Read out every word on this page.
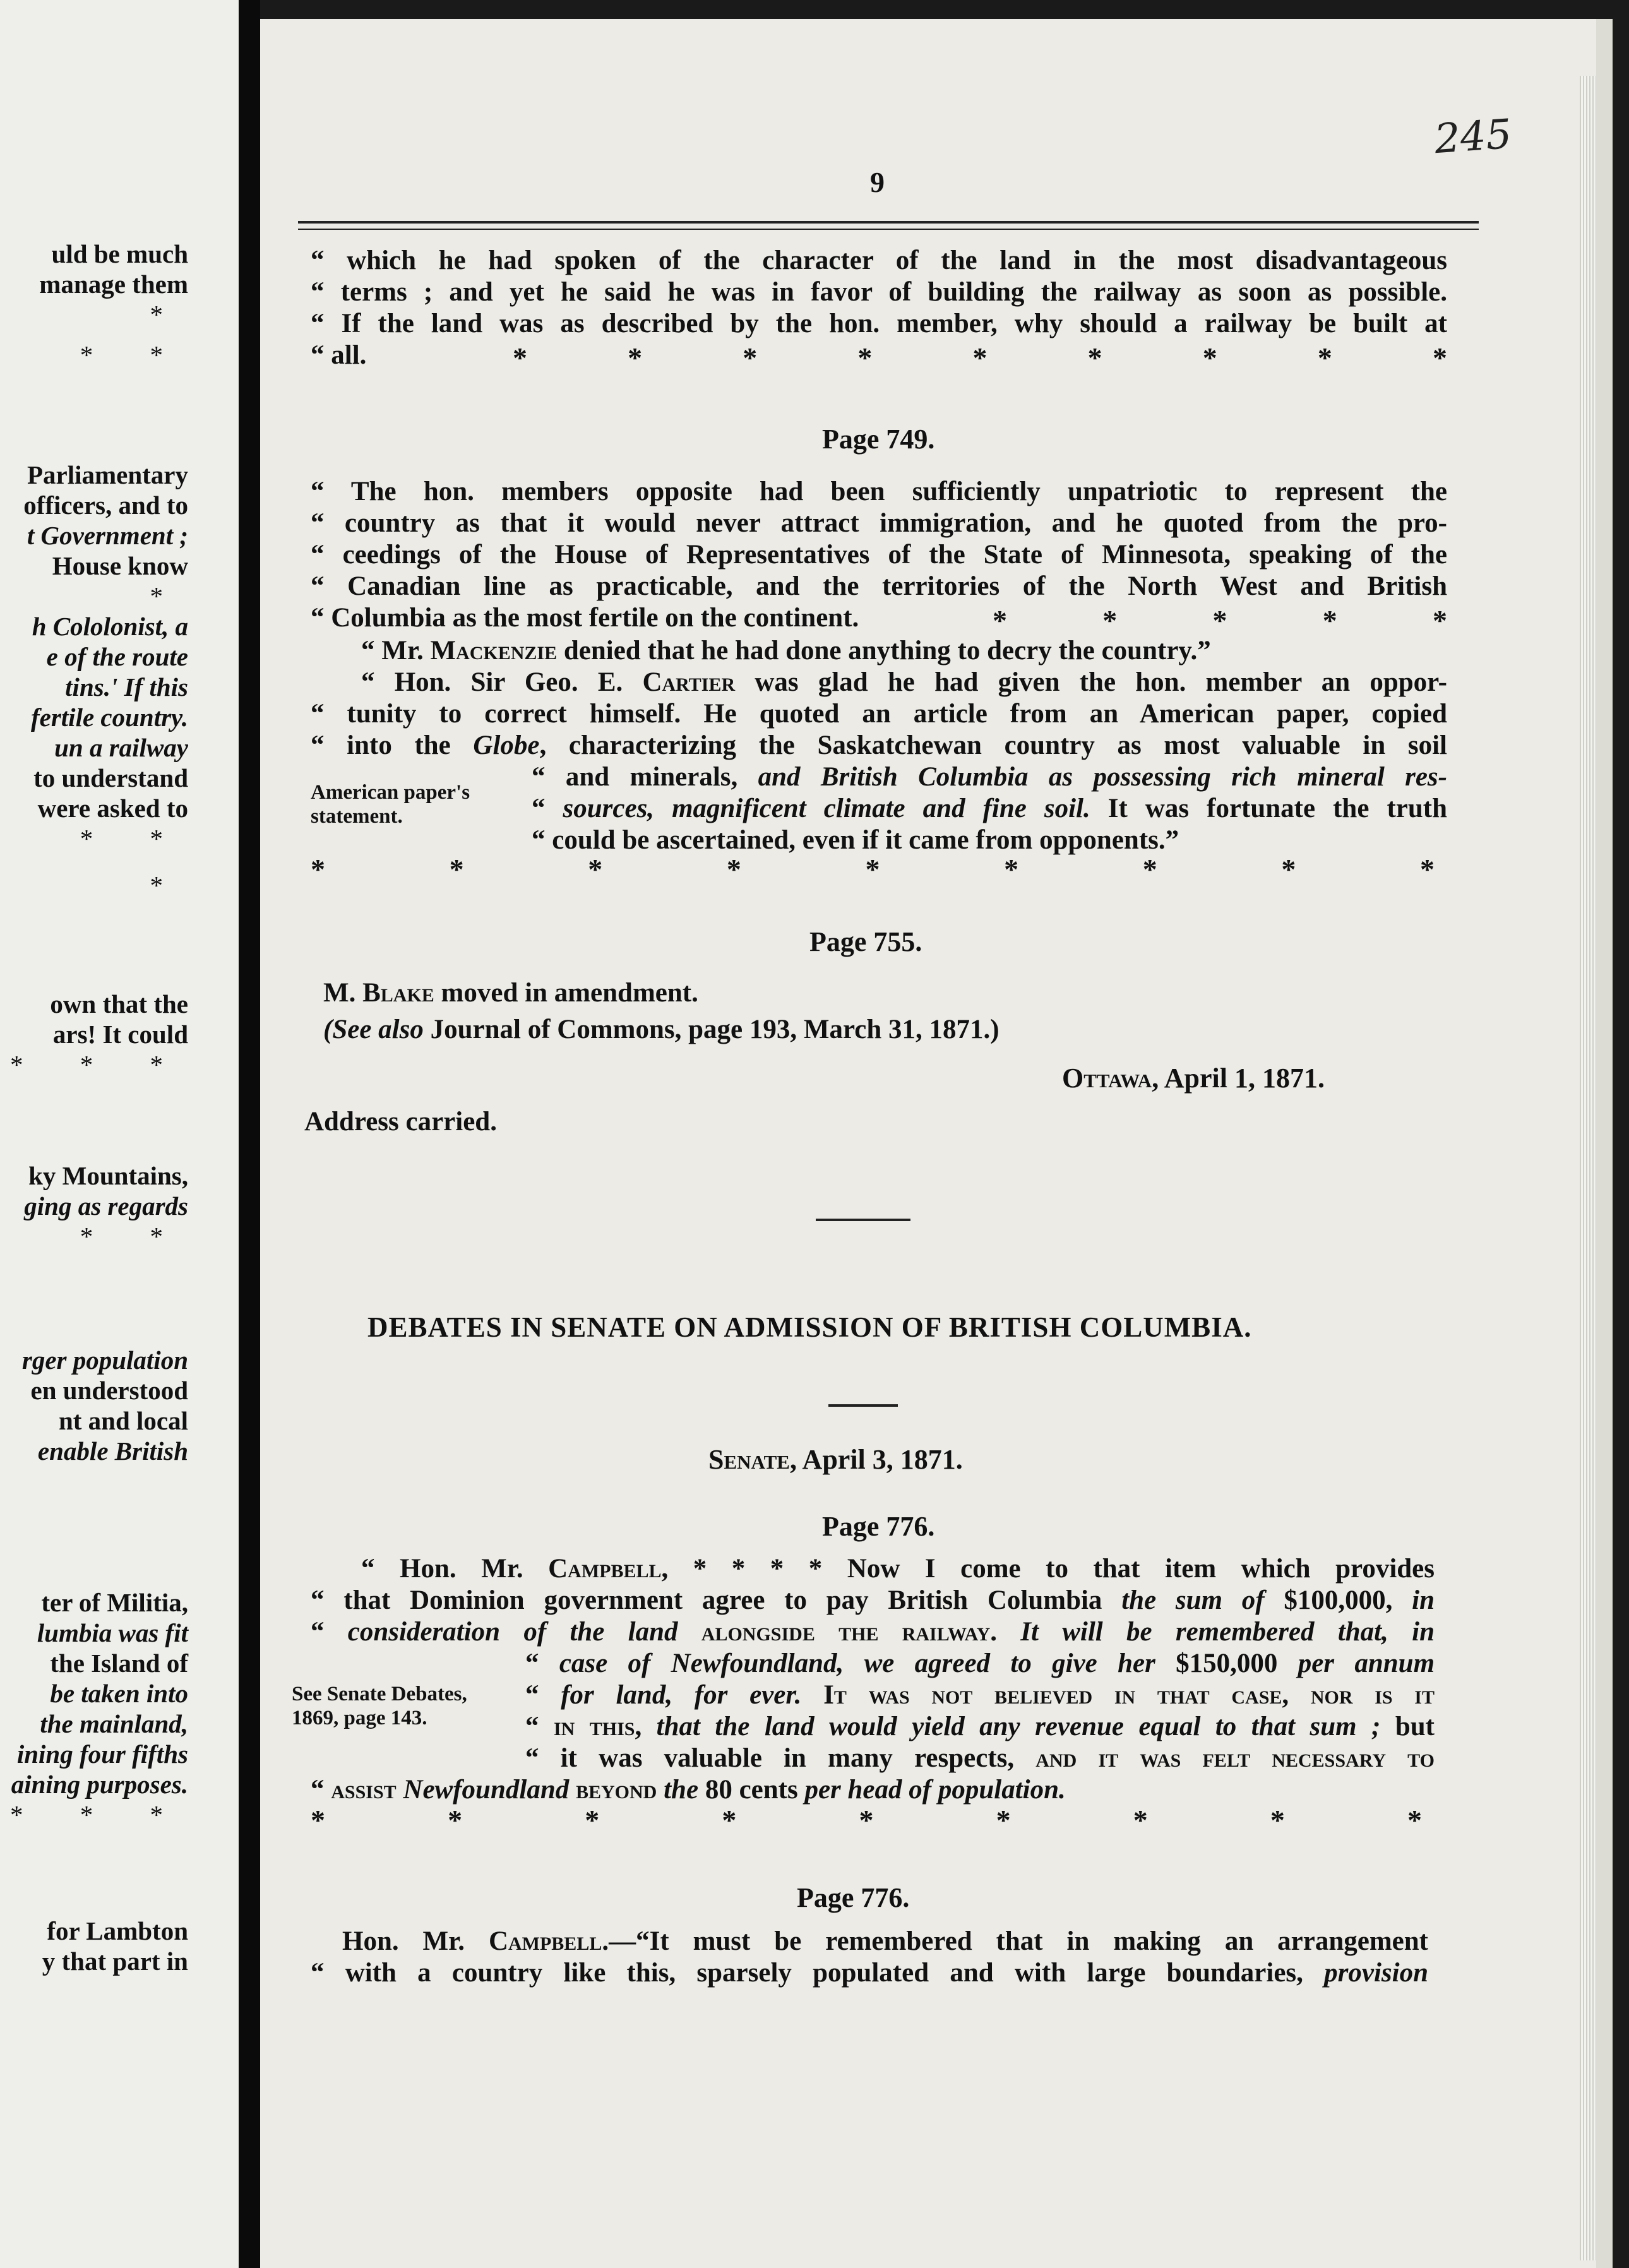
uld be much
manage them
*
* *
Parliamentary
officers, and to
t Government ;
House know
*
h Cololonist, a
e of the route
tins.' If this
fertile country.
un a railway
to understand
were asked to
* *
*
own that the
ars! It could
* * *
ky Mountains,
ging as regards
* *
rger population
en understood
nt and local
enable British
ter of Militia,
lumbia was fit
the Island of
be taken into
the mainland,
ining four fifths
aining purposes.
* * *
for Lambton
y that part in

245

9

“ which he had spoken of the character of the land in the most disadvantageous
“ terms ; and yet he said he was in favor of building the railway as soon as possible.
“ If the land was as described by the hon. member, why should a railway be built at
“ all.	*	*	*	*	*	*	*	*	*
Page 749.
“ The hon. members opposite had been sufficiently unpatriotic to represent the
“ country as that it would never attract immigration, and he quoted from the pro-
“ ceedings of the House of Representatives of the State of Minnesota, speaking of the
“ Canadian line as practicable, and the territories of the North West and British
“ Columbia as the most fertile on the continent.	*	*	*	*	*
“ Mr. Mackenzie denied that he had done anything to decry the country.”
“ Hon. Sir Geo. E. Cartier was glad he had given the hon. member an oppor-
“ tunity to correct himself. He quoted an article from an American paper, copied
“ into the Globe, characterizing the Saskatchewan country as most valuable in soil
American paper's
statement.
“ and minerals, and British Columbia as possessing rich mineral res-
“ sources, magnificent climate and fine soil. It was fortunate the truth
“ could be ascertained, even if it came from opponents.”
*	*	*	*	*	*	*	*	*
Page 755.
M. Blake moved in amendment.
(See also Journal of Commons, page 193, March 31, 1871.)
Ottawa, April 1, 1871.
Address carried.
DEBATES IN SENATE ON ADMISSION OF BRITISH COLUMBIA.
Senate, April 3, 1871.
Page 776.
“ Hon. Mr. Campbell, * * * * Now I come to that item which provides
“ that Dominion government agree to pay British Columbia the sum of $100,000, in
“ consideration of the land alongside the railway. It will be remembered that, in
See Senate Debates,
1869, page 143.
“ case of Newfoundland, we agreed to give her $150,000 per annum
“ for land, for ever. It was not believed in that case, nor is it
“ in this, that the land would yield any revenue equal to that sum ; but
“ it was valuable in many respects, and it was felt necessary to
“ assist Newfoundland beyond the 80 cents per head of population.
*	*	*	*	*	*	*	*	*
Page 776.
Hon. Mr. Campbell.—“It must be remembered that in making an arrangement
“ with a country like this, sparsely populated and with large boundaries, provision
